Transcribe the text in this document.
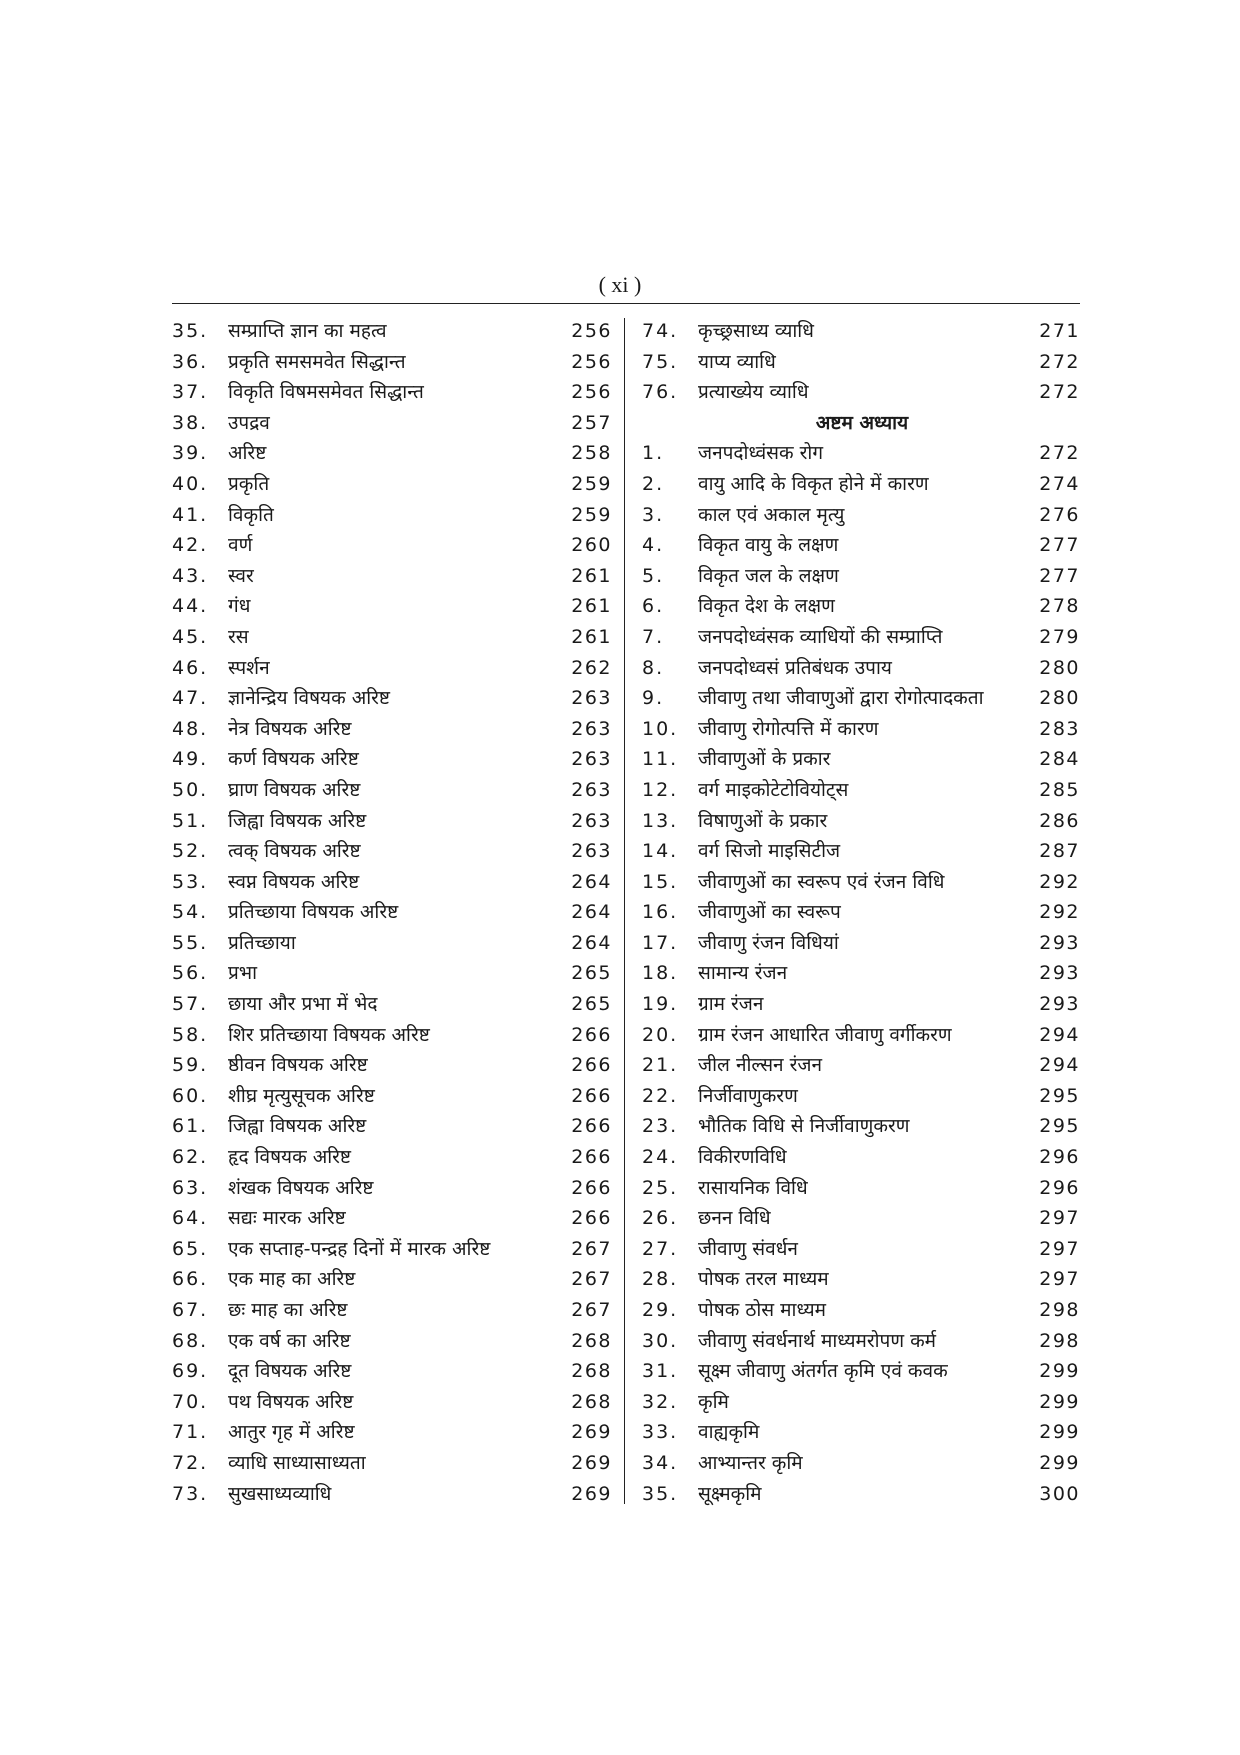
( xi )
35.	सम्प्राप्ति ज्ञान का महत्व	256
36.	प्रकृति समसमवेत सिद्धान्त	256
37.	विकृति विषमसमेवत सिद्धान्त	256
38.	उपद्रव	257
39.	अरिष्ट	258
40.	प्रकृति	259
41.	विकृति	259
42.	वर्ण	260
43.	स्वर	261
44.	गंध	261
45.	रस	261
46.	स्पर्शन	262
47.	ज्ञानेन्द्रिय विषयक अरिष्ट	263
48.	नेत्र विषयक अरिष्ट	263
49.	कर्ण विषयक अरिष्ट	263
50.	घ्राण विषयक अरिष्ट	263
51.	जिह्वा विषयक अरिष्ट	263
52.	त्वक् विषयक अरिष्ट	263
53.	स्वप्न विषयक अरिष्ट	264
54.	प्रतिच्छाया विषयक अरिष्ट	264
55.	प्रतिच्छाया	264
56.	प्रभा	265
57.	छाया और प्रभा में भेद	265
58.	शिर प्रतिच्छाया विषयक अरिष्ट	266
59.	ष्ठीवन विषयक अरिष्ट	266
60.	शीघ्र मृत्युसूचक अरिष्ट	266
61.	जिह्वा विषयक अरिष्ट	266
62.	हृद विषयक अरिष्ट	266
63.	शंखक विषयक अरिष्ट	266
64.	सद्यः मारक अरिष्ट	266
65.	एक सप्ताह-पन्द्रह दिनों में मारक अरिष्ट	267
66.	एक माह का अरिष्ट	267
67.	छः माह का अरिष्ट	267
68.	एक वर्ष का अरिष्ट	268
69.	दूत विषयक अरिष्ट	268
70.	पथ विषयक अरिष्ट	268
71.	आतुर गृह में अरिष्ट	269
72.	व्याधि साध्यासाध्यता	269
73.	सुखसाध्यव्याधि	269
74.	कृच्छ्रसाध्य व्याधि	271
75.	याप्य व्याधि	272
76.	प्रत्याख्येय व्याधि	272
अष्टम अध्याय
1.	जनपदोध्वंसक रोग	272
2.	वायु आदि के विकृत होने में कारण	274
3.	काल एवं अकाल मृत्यु	276
4.	विकृत वायु के लक्षण	277
5.	विकृत जल के लक्षण	277
6.	विकृत देश के लक्षण	278
7.	जनपदोध्वंसक व्याधियों की सम्प्राप्ति	279
8.	जनपदोध्वसं प्रतिबंधक उपाय	280
9.	जीवाणु तथा जीवाणुओं द्वारा रोगोत्पादकता	280
10.	जीवाणु रोगोत्पत्ति में कारण	283
11.	जीवाणुओं के प्रकार	284
12.	वर्ग माइकोटेटोवियोट्स	285
13.	विषाणुओं के प्रकार	286
14.	वर्ग सिजो माइसिटीज	287
15.	जीवाणुओं का स्वरूप एवं रंजन विधि	292
16.	जीवाणुओं का स्वरूप	292
17.	जीवाणु रंजन विधियां	293
18.	सामान्य रंजन	293
19.	ग्राम रंजन	293
20.	ग्राम रंजन आधारित जीवाणु वर्गीकरण	294
21.	जील नील्सन रंजन	294
22.	निर्जीवाणुकरण	295
23.	भौतिक विधि से निर्जीवाणुकरण	295
24.	विकीरणविधि	296
25.	रासायनिक विधि	296
26.	छनन विधि	297
27.	जीवाणु संवर्धन	297
28.	पोषक तरल माध्यम	297
29.	पोषक ठोस माध्यम	298
30.	जीवाणु संवर्धनार्थ माध्यमरोपण कर्म	298
31.	सूक्ष्म जीवाणु अंतर्गत कृमि एवं कवक	299
32.	कृमि	299
33.	वाह्यकृमि	299
34.	आभ्यान्तर कृमि	299
35.	सूक्ष्मकृमि	300
